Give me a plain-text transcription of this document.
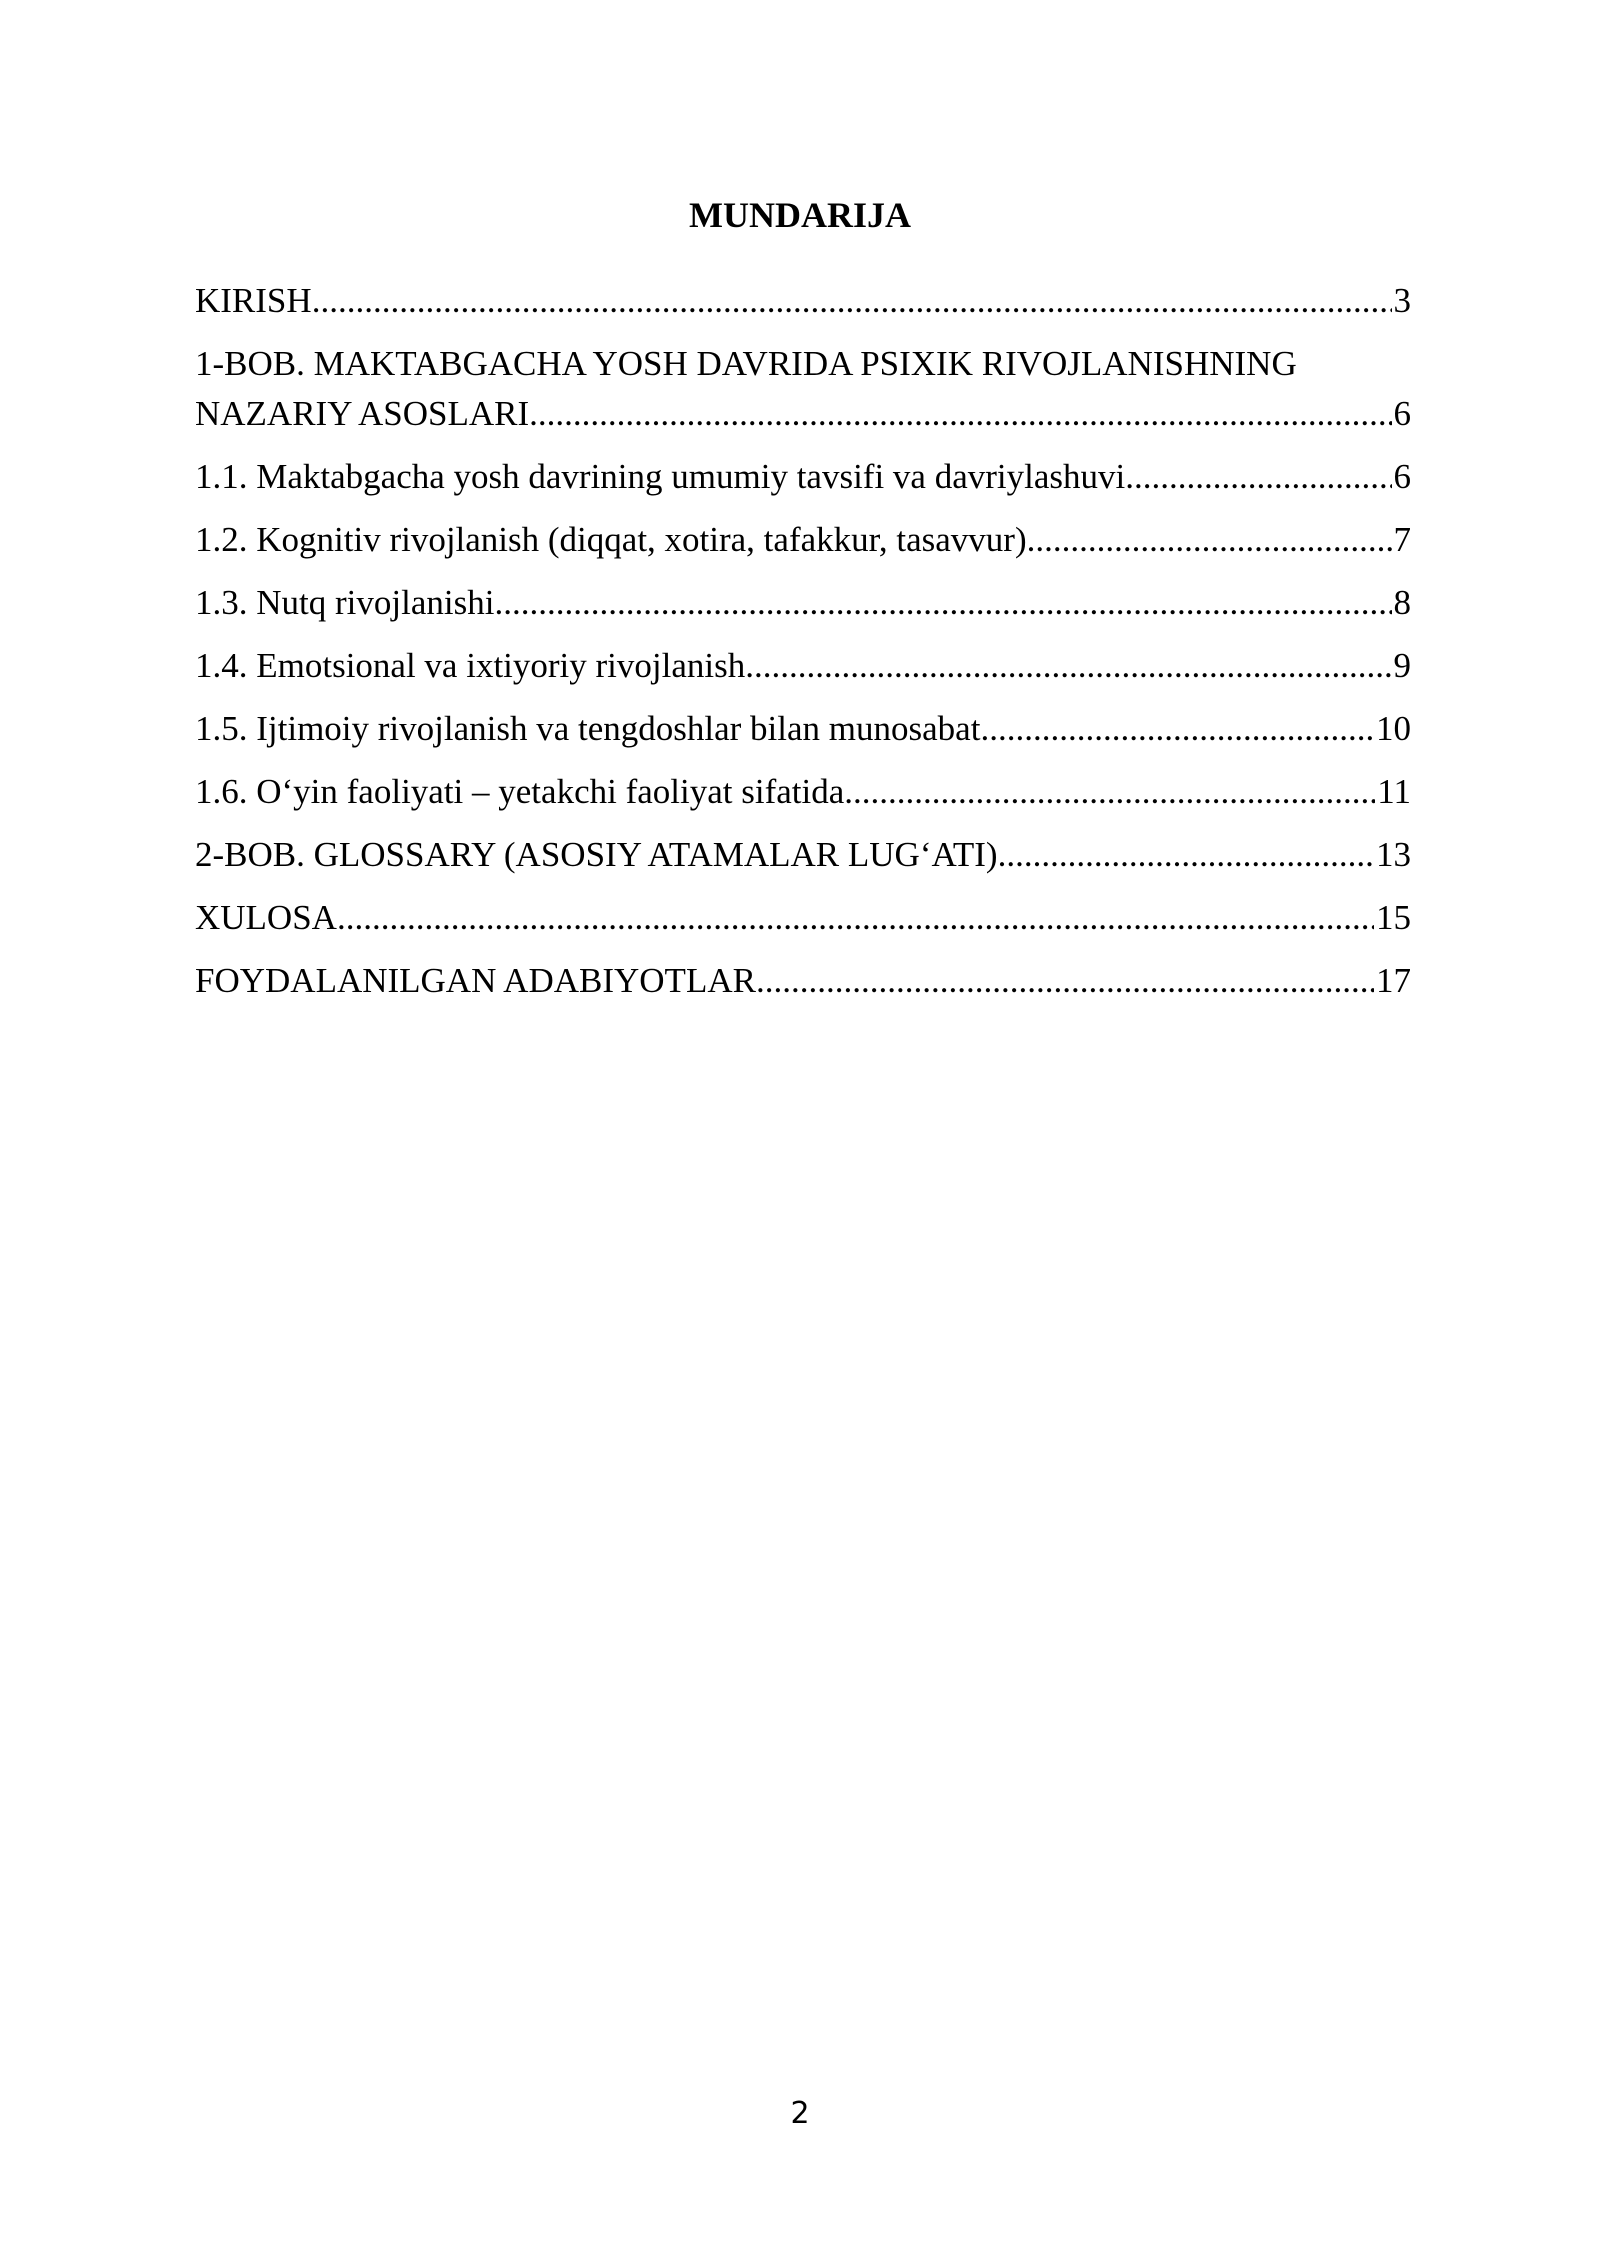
MUNDARIJA
KIRISH .....	3
1-BOB. MAKTABGACHA YOSH DAVRIDA PSIXIK RIVOJLANISHNING
NAZARIY ASOSLARI .....	6
1.1. Maktabgacha yosh davrining umumiy tavsifi va davriylashuvi .....	6
1.2. Kognitiv rivojlanish (diqqat, xotira, tafakkur, tasavvur) .....	7
1.3. Nutq rivojlanishi .....	8
1.4. Emotsional va ixtiyoriy rivojlanish .....	9
1.5. Ijtimoiy rivojlanish va tengdoshlar bilan munosabat .....	10
1.6. O‘yin faoliyati – yetakchi faoliyat sifatida .....	11
2-BOB. GLOSSARY (ASOSIY ATAMALAR LUG‘ATI) .....	13
XULOSA .....	15
FOYDALANILGAN ADABIYOTLAR .....	17
2
